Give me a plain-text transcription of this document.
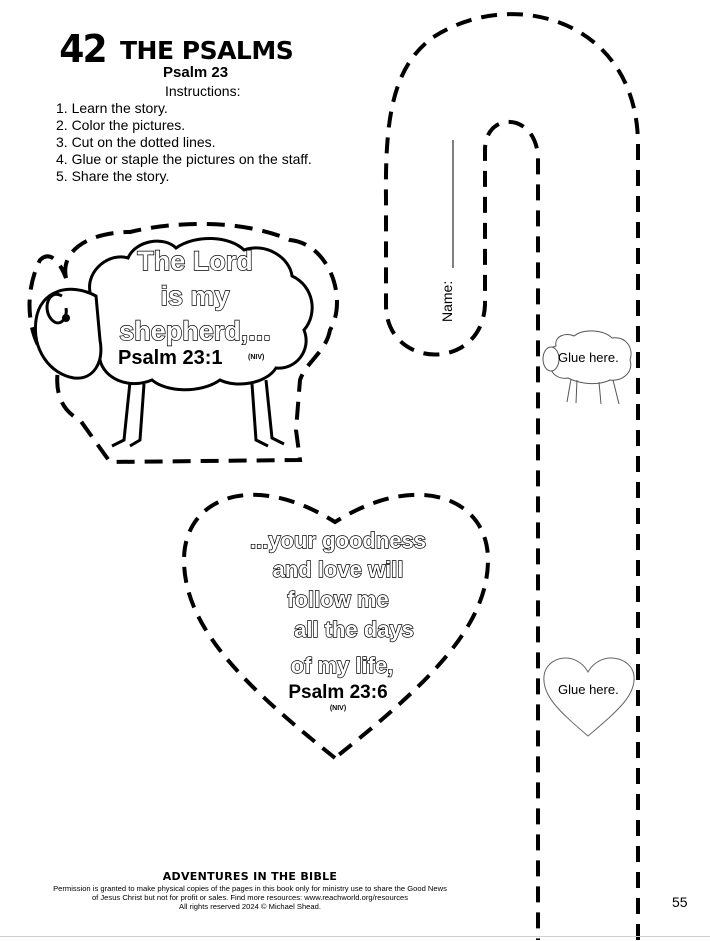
42 THE PSALMS
Psalm 23
Instructions:
1. Learn the story.
2. Color the pictures.
3. Cut on the dotted lines.
4. Glue or staple the pictures on the staff.
5. Share the story.
Name:
Glue here.
Glue here.
The Lord
is my
shepherd,...
Psalm 23:1	(NIV)
...your goodness
and love will
follow me
all the days
of my life,
Psalm 23:6
(NIV)
ADVENTURES IN THE BIBLE
Permission is granted to make physical copies of the pages in this book only for ministry use to share the Good News
of Jesus Christ but not for profit or sales. Find more resources: www.reachworld.org/resources
All rights reserved 2024 © Michael Shead.	55
